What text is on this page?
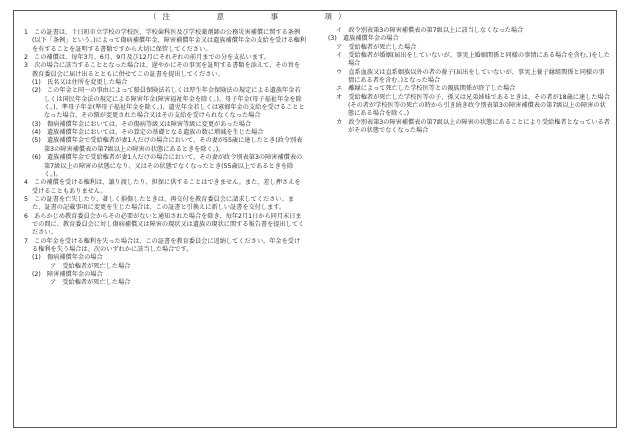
（注　　　意　　　事　　　項）

1　この証書は、十日町市立学校の学校医、学校歯科医及び学校薬剤師の公務災害補償に関する条例(以下「条例」という。)によって傷病補償年金、障害補償年金又は遺族補償年金の支給を受ける権利を有することを証明する書類ですから大切に保管してください。

2　この補償は、毎年3月、6月、9月及び12月にそれぞれの前月までの分を支払います。

3　次の場合に該当することとなった場合は、遅やかにその事実を証明する書類を添えて、その旨を教育委員会に届け出るとともに併せてこの証書を提出してください。

(1)　氏名又は住所を変更した場合

(2)　この年金と同一の事由によって船員保険法若しくは厚生年金保険法の規定による遺族年金若しくは国民年金法の規定による障害年金(障害福祉年金を除く。)、母子年金(母子福祉年金を除く。)、準母子年金(準母子福祉年金を除く。)、遺児年金若しくは寡婦年金の支給を受けることとなった場合、その額が変更された場合又はその支給を受けられなくなった場合

(3)　傷病補償年金においては、その傷病等級又は障害等級に変更があった場合

(4)　遺族補償年金においては、その算定の基礎となる遺族の数に増減を生じた場合

(5)　遺族補償年金で受給権者が妻1人だけの場合において、その妻が55歳に達したとき(政令別表第3の障害補償表の第7級以上の障害の状態にあるときを除く。)。

(6)　遺族補償年金で受給権者が妻1人だけの場合において、その妻が政令別表第3の障害補償表の第7級以上の障害の状態になり、又はその状態でなくなったとき(55歳以上であるときを除く。)。

4　この補償を受ける権利は、譲り渡したり、担保に供することはできません。また、差し押さえを受けることもありません。

5　この証書を亡失したり、著しく損傷したときは、再交付を教育委員会に請求してください。また、証書の記載事項に変更を生じた場合は、この証書と引換えに新しい証書を交付します。

6　あらかじめ教育委員会からその必要がないと通知された場合を除き、毎年2月1日から同月末日までの間に、教育委員会に対し傷病補償又は障害の現状又は遺族の現状に関する報告書を提出してください。

7　この年金を受ける権利を失った場合は、この証書を教育委員会に返納してください。年金を受ける権利を失う場合は、次のいずれかに該当した場合です。

(1)　傷病補償年金の場合

ア　受給権者が死亡した場合

(2)　障害補償年金の場合

ア　受給権者が死亡した場合

イ　政令別表第3の障害補償表の第7級以上に該当しなくなった場合

(3)　遺族補償年金の場合

ア　受給権者が死亡した場合

イ　受給権者が婚姻(届出をしていないが、事実上婚姻関係と同様の事情にある場合を含む。)をした場合

ウ　直系血族又は直系姻族以外の者の養子(届出をしていないが、事実上養子縁組関係と同様の事情にある者を含む。)となった場合

エ　離縁によって死亡した学校医等との親族関係が終了した場合

オ　受給権者が死亡した学校医等の子、孫又は兄弟姉妹であるときは、その者が18歳に達した場合(その者が学校医等の死亡の時から引き続き政令別表第3の障害補償表の第7級以上の障害の状態にある場合を除く。)

カ　政令別表第3の障害補償表の第7級以上の障害の状態にあることにより受給権者となっている者がその状態でなくなった場合
